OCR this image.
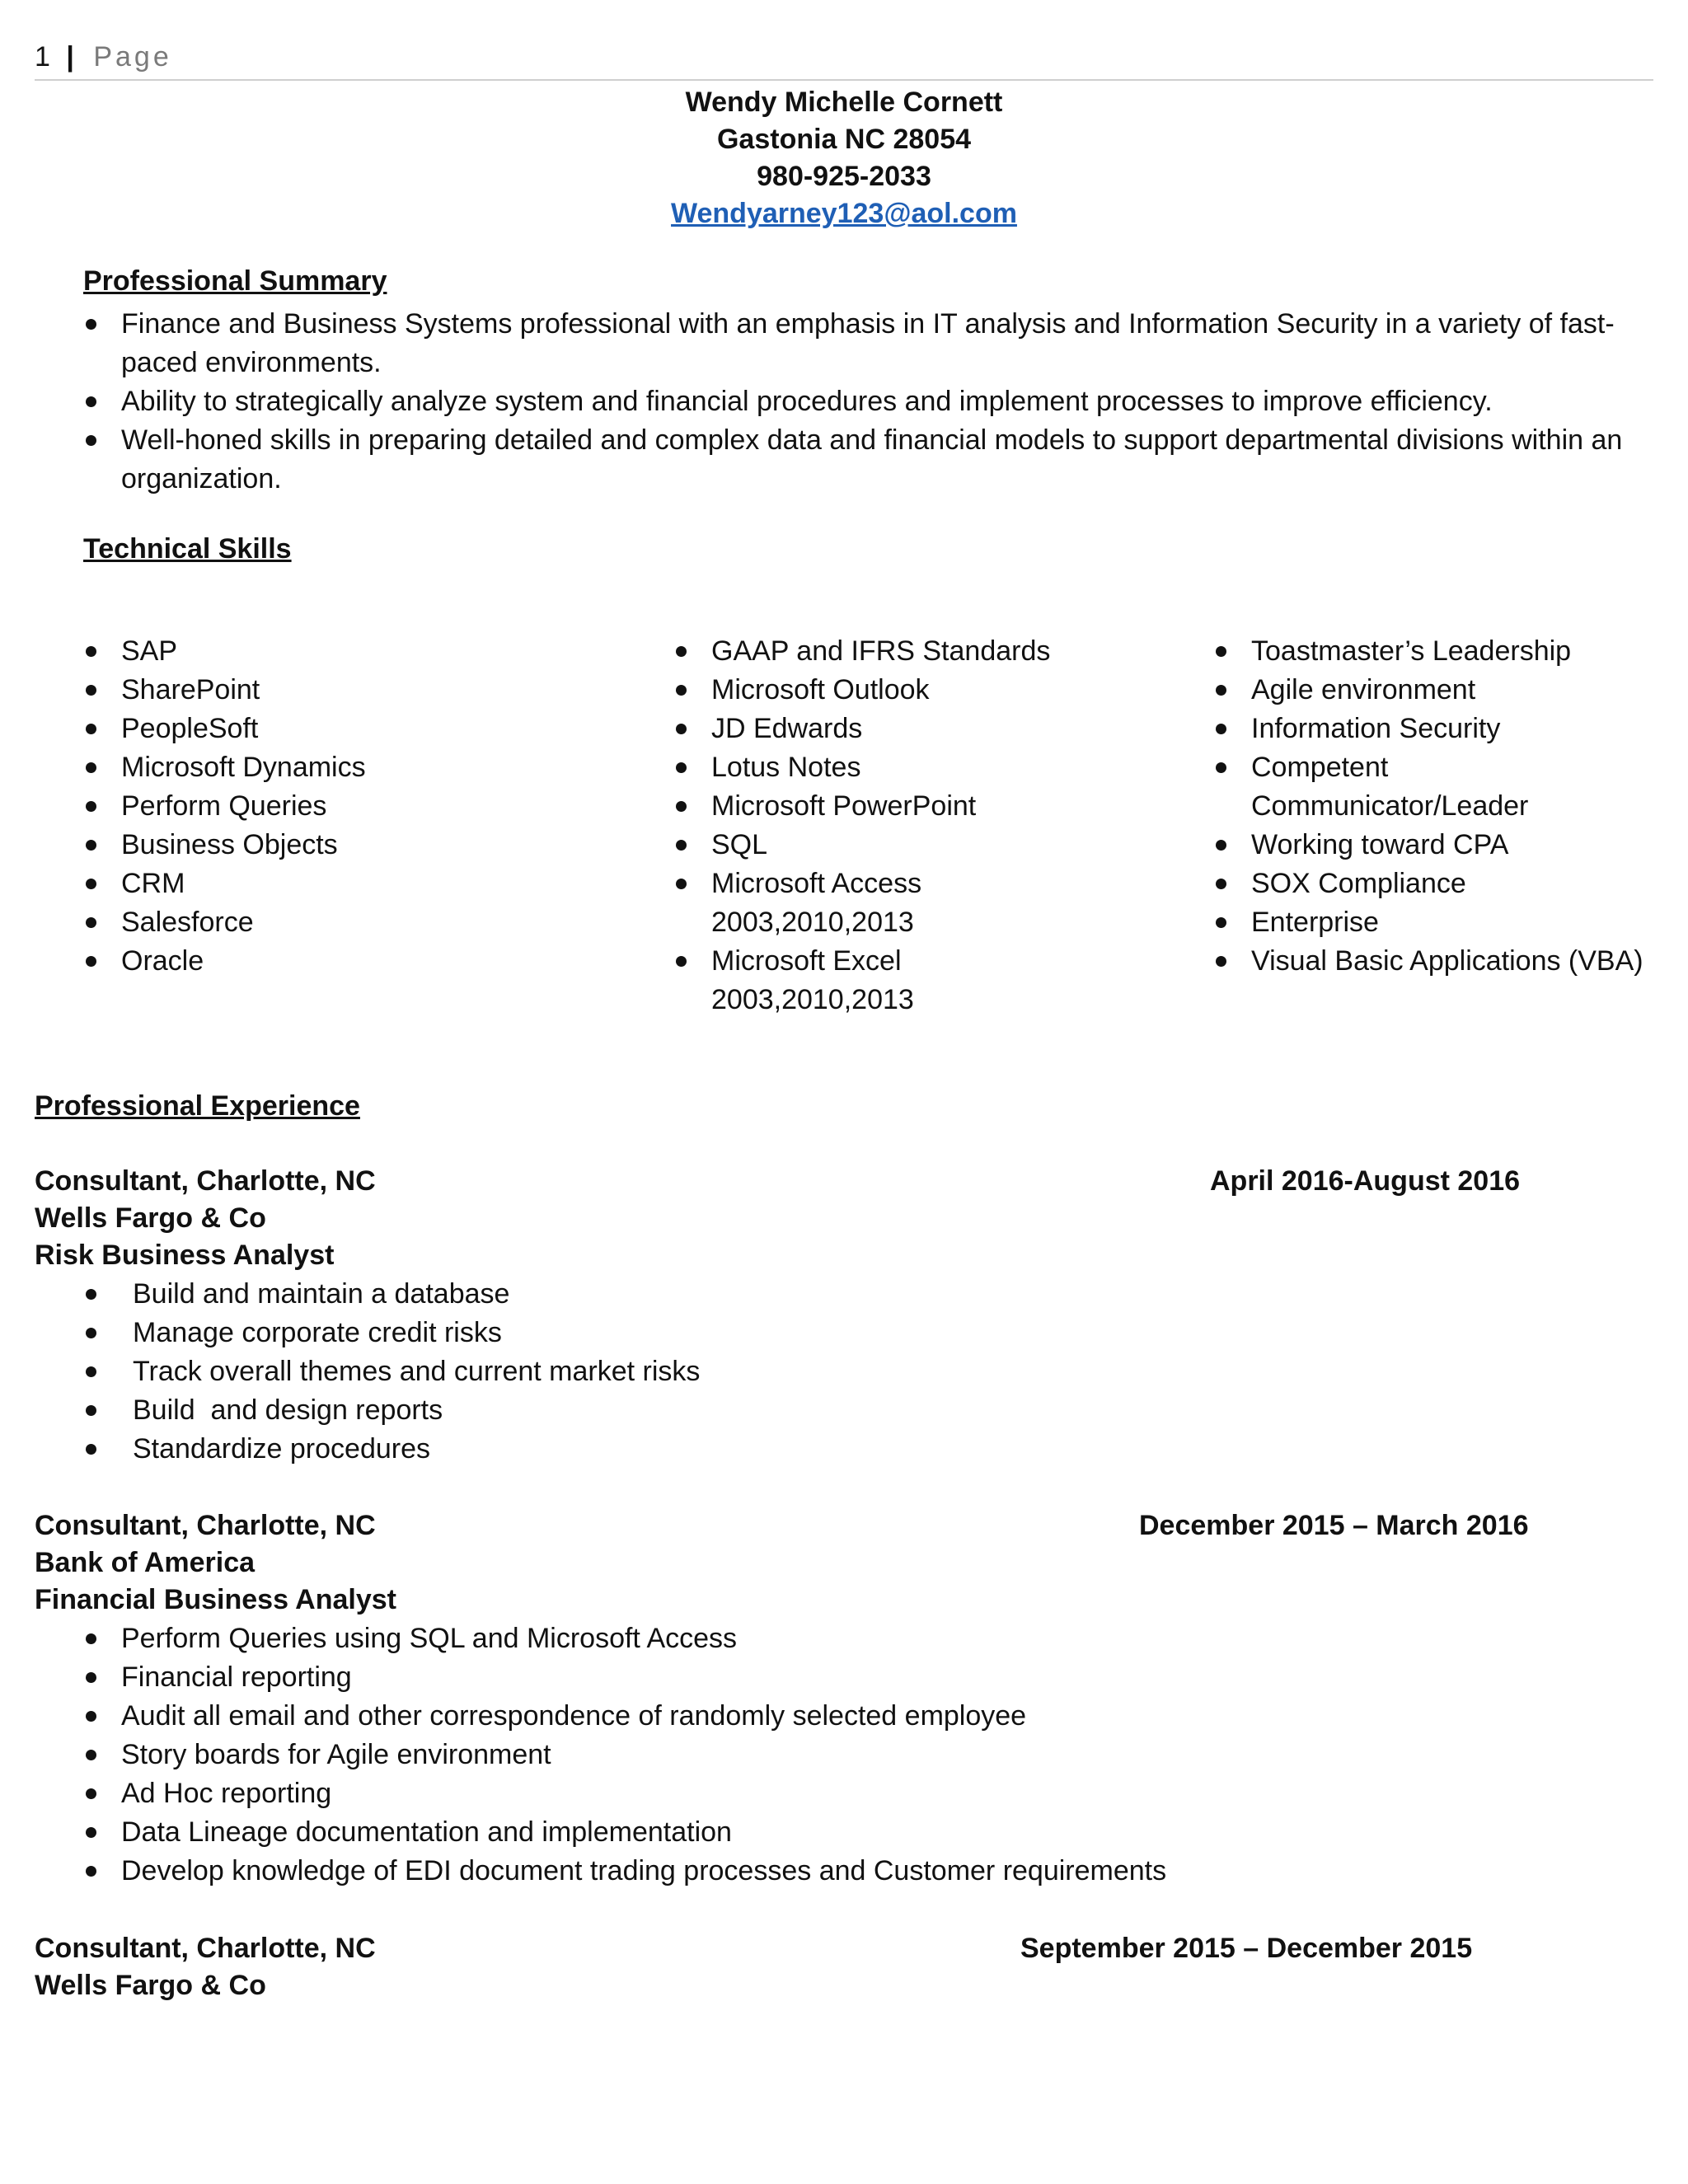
1 | Page
Wendy Michelle Cornett
Gastonia NC 28054
980-925-2033
Wendyarney123@aol.com
Professional Summary
Finance and Business Systems professional with an emphasis in IT analysis and Information Security in a variety of fast-paced environments.
Ability to strategically analyze system and financial procedures and implement processes to improve efficiency.
Well-honed skills in preparing detailed and complex data and financial models to support departmental divisions within an organization.
Technical Skills
SAP
SharePoint
PeopleSoft
Microsoft Dynamics
Perform Queries
Business Objects
CRM
Salesforce
Oracle
GAAP and IFRS Standards
Microsoft Outlook
JD Edwards
Lotus Notes
Microsoft PowerPoint
SQL
Microsoft Access 2003,2010,2013
Microsoft Excel 2003,2010,2013
Toastmaster’s Leadership
Agile environment
Information Security
Competent Communicator/Leader
Working toward CPA
SOX Compliance
Enterprise
Visual Basic Applications (VBA)
Professional Experience
Consultant, Charlotte, NC	April 2016-August 2016
Wells Fargo & Co
Risk Business Analyst
Build and maintain a database
Manage corporate credit risks
Track overall themes and current market risks
Build  and design reports
Standardize procedures
Consultant, Charlotte, NC	December 2015 – March 2016
Bank of America
Financial Business Analyst
Perform Queries using SQL and Microsoft Access
Financial reporting
Audit all email and other correspondence of randomly selected employee
Story boards for Agile environment
Ad Hoc reporting
Data Lineage documentation and implementation
Develop knowledge of EDI document trading processes and Customer requirements
Consultant, Charlotte, NC	September 2015 – December 2015
Wells Fargo & Co
